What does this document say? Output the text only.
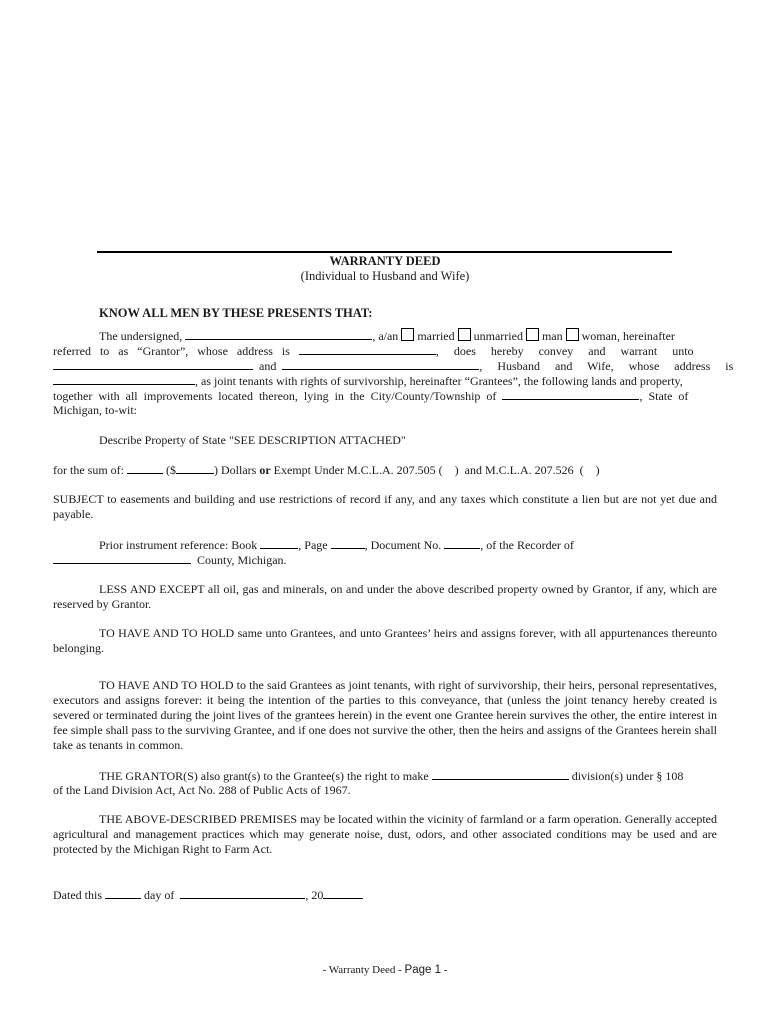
WARRANTY DEED
(Individual to Husband and Wife)
KNOW ALL MEN BY THESE PRESENTS THAT:
The undersigned,	, a/an married unmarried man woman, hereinafter
referred   to   as   “Grantor”,   whose   address   is	,     does     hereby     convey     and     warrant     unto
and	,     Husband     and     Wife,     whose     address     is
, as joint tenants with rights of survivorship, hereinafter “Grantees”, the following lands and property,
together  with  all  improvements  located  thereon,  lying  in  the  City/County/Township  of	,  State  of
Michigan, to-wit:
Describe Property of State "SEE DESCRIPTION ATTACHED"
for the sum of:	($	) Dollars or Exempt Under M.C.L.A. 207.505 (    )  and M.C.L.A. 207.526  (    )
SUBJECT to easements and building and use restrictions of record if any, and any taxes which constitute a lien but are not yet due and payable.
Prior instrument reference: Book	, Page	, Document No.	, of the Recorder of
County, Michigan.
LESS AND EXCEPT all oil, gas and minerals, on and under the above described property owned by Grantor, if any, which are reserved by Grantor.
TO HAVE AND TO HOLD same unto Grantees, and unto Grantees’ heirs and assigns forever, with all appurtenances thereunto belonging.
TO HAVE AND TO HOLD to the said Grantees as joint tenants, with right of survivorship, their heirs, personal representatives, executors and assigns forever: it being the intention of the parties to this conveyance, that (unless the joint tenancy hereby created is severed or terminated during the joint lives of the grantees herein) in the event one Grantee herein survives the other, the entire interest in fee simple shall pass to the surviving Grantee, and if one does not survive the other, then the heirs and assigns of the Grantees herein shall take as tenants in common.
THE GRANTOR(S) also grant(s) to the Grantee(s) the right to make	division(s) under § 108
of the Land Division Act, Act No. 288 of Public Acts of 1967.
THE ABOVE-DESCRIBED PREMISES may be located within the vicinity of farmland or a farm operation. Generally accepted agricultural and management practices which may generate noise, dust, odors, and other associated conditions may be used and are protected by the Michigan Right to Farm Act.
Dated this	day of	, 20
- Warranty Deed - Page 1 -
